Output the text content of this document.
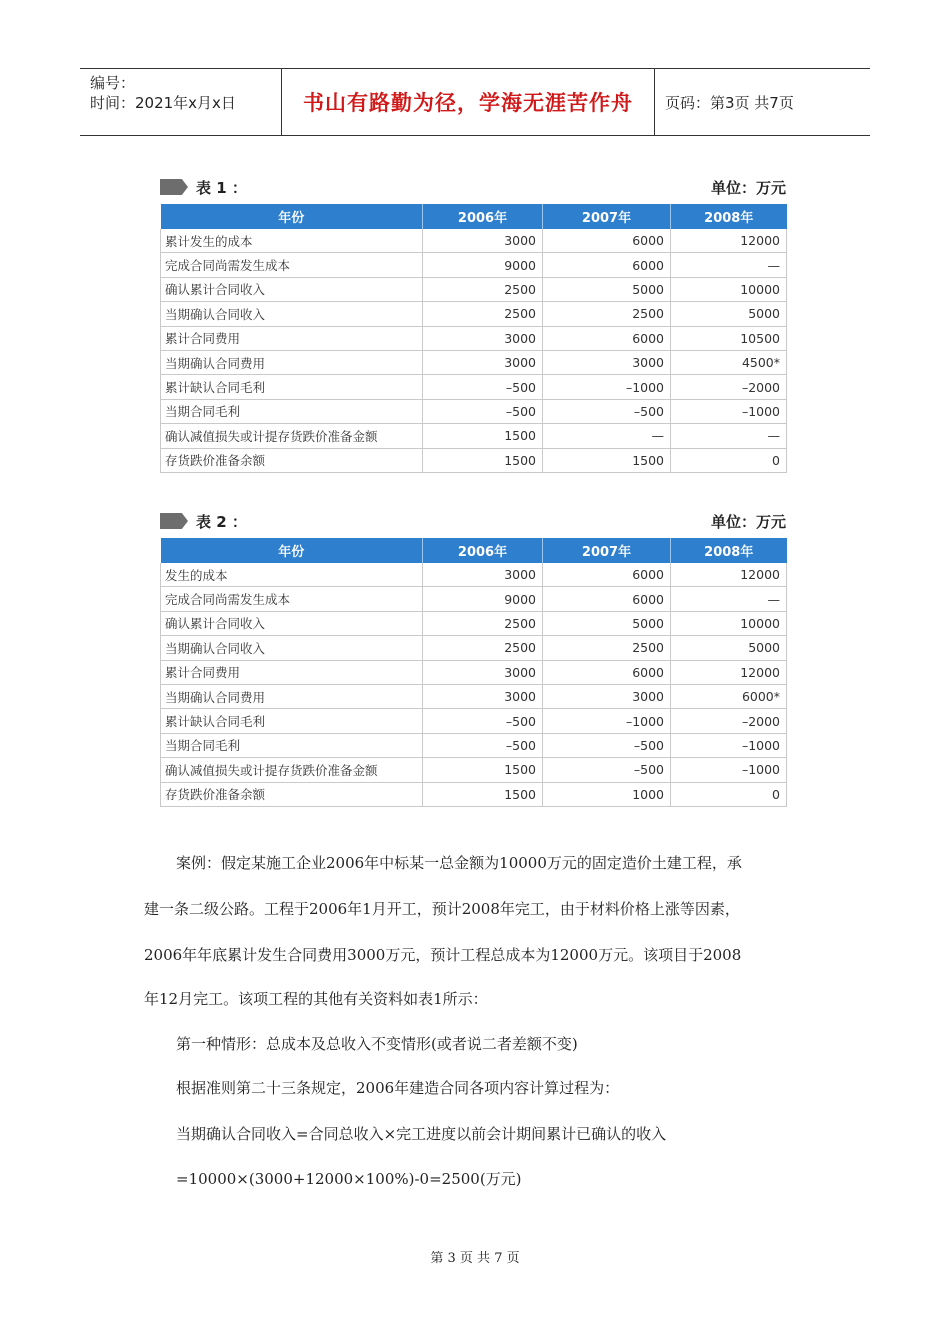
编号：
时间：2021年x月x日	书山有路勤为径，学海无涯苦作舟	页码：第3页 共7页
表 1 ：	单位：万元
年份	2006年	2007年	2008年
累计发生的成本	3000	6000	12000
完成合同尚需发生成本	9000	6000	—
确认累计合同收入	2500	5000	10000
当期确认合同收入	2500	2500	5000
累计合同费用	3000	6000	10500
当期确认合同费用	3000	3000	4500*
累计缺认合同毛利	–500	–1000	–2000
当期合同毛利	–500	–500	–1000
确认减值损失或计提存货跌价准备金额	1500	—	—
存货跌价准备余额	1500	1500	0
表 2 ：	单位：万元
年份	2006年	2007年	2008年
发生的成本	3000	6000	12000
完成合同尚需发生成本	9000	6000	—
确认累计合同收入	2500	5000	10000
当期确认合同收入	2500	2500	5000
累计合同费用	3000	6000	12000
当期确认合同费用	3000	3000	6000*
累计缺认合同毛利	–500	–1000	–2000
当期合同毛利	–500	–500	–1000
确认减值损失或计提存货跌价准备金额	1500	–500	–1000
存货跌价准备余额	1500	1000	0
案例：假定某施工企业2006年中标某一总金额为10000万元的固定造价土建工程，承
建一条二级公路。工程于2006年1月开工，预计2008年完工，由于材料价格上涨等因素，
2006年年底累计发生合同费用3000万元，预计工程总成本为12000万元。该项目于2008
年12月完工。该项工程的其他有关资料如表1所示：
第一种情形：总成本及总收入不变情形(或者说二者差额不变)
根据准则第二十三条规定，2006年建造合同各项内容计算过程为：
当期确认合同收入=合同总收入×完工进度以前会计期间累计已确认的收入
=10000×(3000+12000×100%)-0=2500(万元)
第 3 页 共 7 页
